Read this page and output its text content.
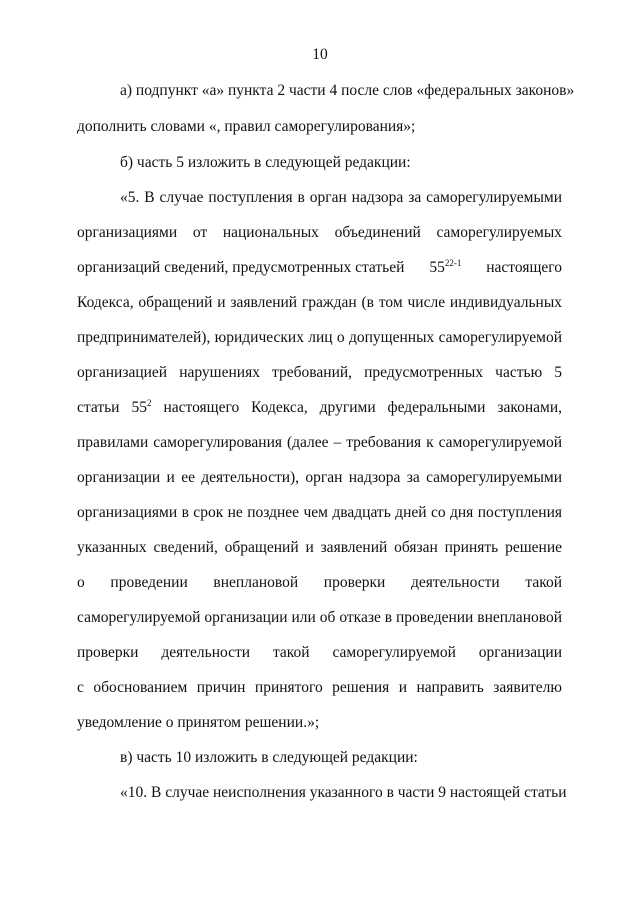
10
а) подпункт «а» пункта 2 части 4 после слов «федеральных законов»
дополнить словами «, правил саморегулирования»;
б) часть 5 изложить в следующей редакции:
«5. В случае поступления в орган надзора за саморегулируемыми
организациями от национальных объединений саморегулируемых
организаций сведений, предусмотренных статьей 55$^{22-1}$ настоящего
Кодекса, обращений и заявлений граждан (в том числе индивидуальных
предпринимателей), юридических лиц о допущенных саморегулируемой
организацией нарушениях требований, предусмотренных частью 5
статьи $55^2$ настоящего Кодекса, другими федеральными законами,
правилами саморегулирования (далее – требования к саморегулируемой
организации и ее деятельности), орган надзора за саморегулируемыми
организациями в срок не позднее чем двадцать дней со дня поступления
указанных сведений, обращений и заявлений обязан принять решение
о проведении внеплановой проверки деятельности такой
саморегулируемой организации или об отказе в проведении внеплановой
проверки деятельности такой саморегулируемой организации
с обоснованием причин принятого решения и направить заявителю
уведомление о принятом решении.»;
в) часть 10 изложить в следующей редакции:
«10. В случае неисполнения указанного в части 9 настоящей статьи
